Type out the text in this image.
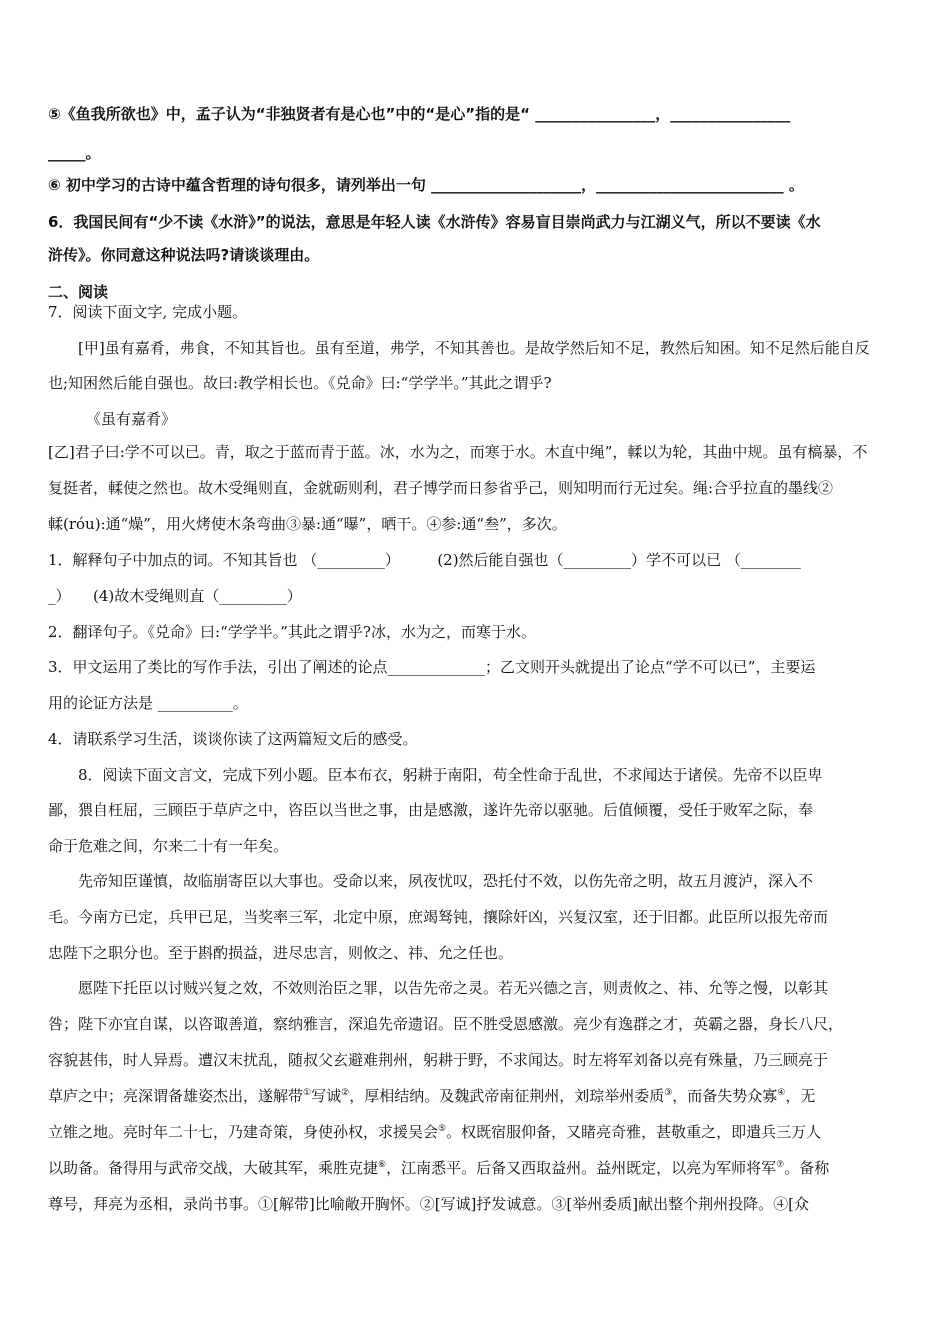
⑤《鱼我所欲也》中，孟子认为“非独贤者有是心也”中的“是心”指的是“ ________________，________________
_____。
⑥ 初中学习的古诗中蕴含哲理的诗句很多，请列举出一句 ____________________，_________________________ 。
6．我国民间有“少不读《水浒》”的说法，意思是年轻人读《水浒传》容易盲目崇尚武力与江湖义气，所以不要读《水
浒传》。你同意这种说法吗?请谈谈理由。
二、阅读
7．阅读下面文字, 完成小题。
[甲]虽有嘉肴，弗食，不知其旨也。虽有至道，弗学，不知其善也。是故学然后知不足，教然后知困。知不足然后能自反
也;知困然后能自强也。故曰:教学相长也。《兑命》曰:“学学半。”其此之谓乎?
《虽有嘉肴》
[乙]君子曰:学不可以已。青，取之于蓝而青于蓝。冰，水为之，而寒于水。木直中绳”，輮以为轮，其曲中规。虽有槁暴，不
复挺者，輮使之然也。故木受绳则直，金就砺则利，君子博学而日参省乎己，则知明而行无过矣。绳:合乎拉直的墨线②
輮(róu):通“燥”，用火烤使木条弯曲③暴:通“曝”，晒干。④参:通“叁”，多次。
1．解释句子中加点的词。不知其旨也 （_________）　　　(2)然后能自强也（_________）学不可以已 （________
_）　　(4)故木受绳则直（_________）
2．翻译句子。《兑命》曰:“学学半。”其此之谓乎?冰，水为之，而寒于水。
3．甲文运用了类比的写作手法，引出了阐述的论点_____________；乙文则开头就提出了论点“学不可以已”，主要运
用的论证方法是 __________。
4．请联系学习生活，谈谈你读了这两篇短文后的感受。
8．阅读下面文言文，完成下列小题。臣本布衣，躬耕于南阳，苟全性命于乱世，不求闻达于诸侯。先帝不以臣卑
鄙，猥自枉屈，三顾臣于草庐之中，咨臣以当世之事，由是感激，遂许先帝以驱驰。后值倾覆，受任于败军之际，奉
命于危难之间，尔来二十有一年矣。
先帝知臣谨慎，故临崩寄臣以大事也。受命以来，夙夜忧叹，恐托付不效，以伤先帝之明，故五月渡泸，深入不
毛。今南方已定，兵甲已足，当奖率三军，北定中原，庶竭驽钝，攘除奸凶，兴复汉室，还于旧都。此臣所以报先帝而
忠陛下之职分也。至于斟酌损益，进尽忠言，则攸之、祎、允之任也。
愿陛下托臣以讨贼兴复之效，不效则治臣之罪，以告先帝之灵。若无兴德之言，则责攸之、祎、允等之慢，以彰其
咎；陛下亦宜自谋，以咨诹善道，察纳雅言，深追先帝遗诏。臣不胜受恩感激。亮少有逸群之才，英霸之器，身长八尺，
容貌甚伟，时人异焉。遭汉末扰乱，随叔父玄避难荆州，躬耕于野，不求闻达。时左将军刘备以亮有殊量，乃三顾亮于
草庐之中；亮深谓备雄姿杰出，遂解带①写诚②，厚相结纳。及魏武帝南征荆州，刘琮举州委质③，而备失势众寡④，无
立锥之地。亮时年二十七，乃建奇策，身使孙权，求援吴会⑤。权既宿服仰备，又睹亮奇雅，甚敬重之，即遣兵三万人
以助备。备得用与武帝交战，大破其军，乘胜克捷⑥，江南悉平。后备又西取益州。益州既定，以亮为军师将军⑦。备称
尊号，拜亮为丞相，录尚书事。①[解带]比喻敞开胸怀。②[写诚]抒发诚意。③[举州委质]献出整个荆州投降。④[众
